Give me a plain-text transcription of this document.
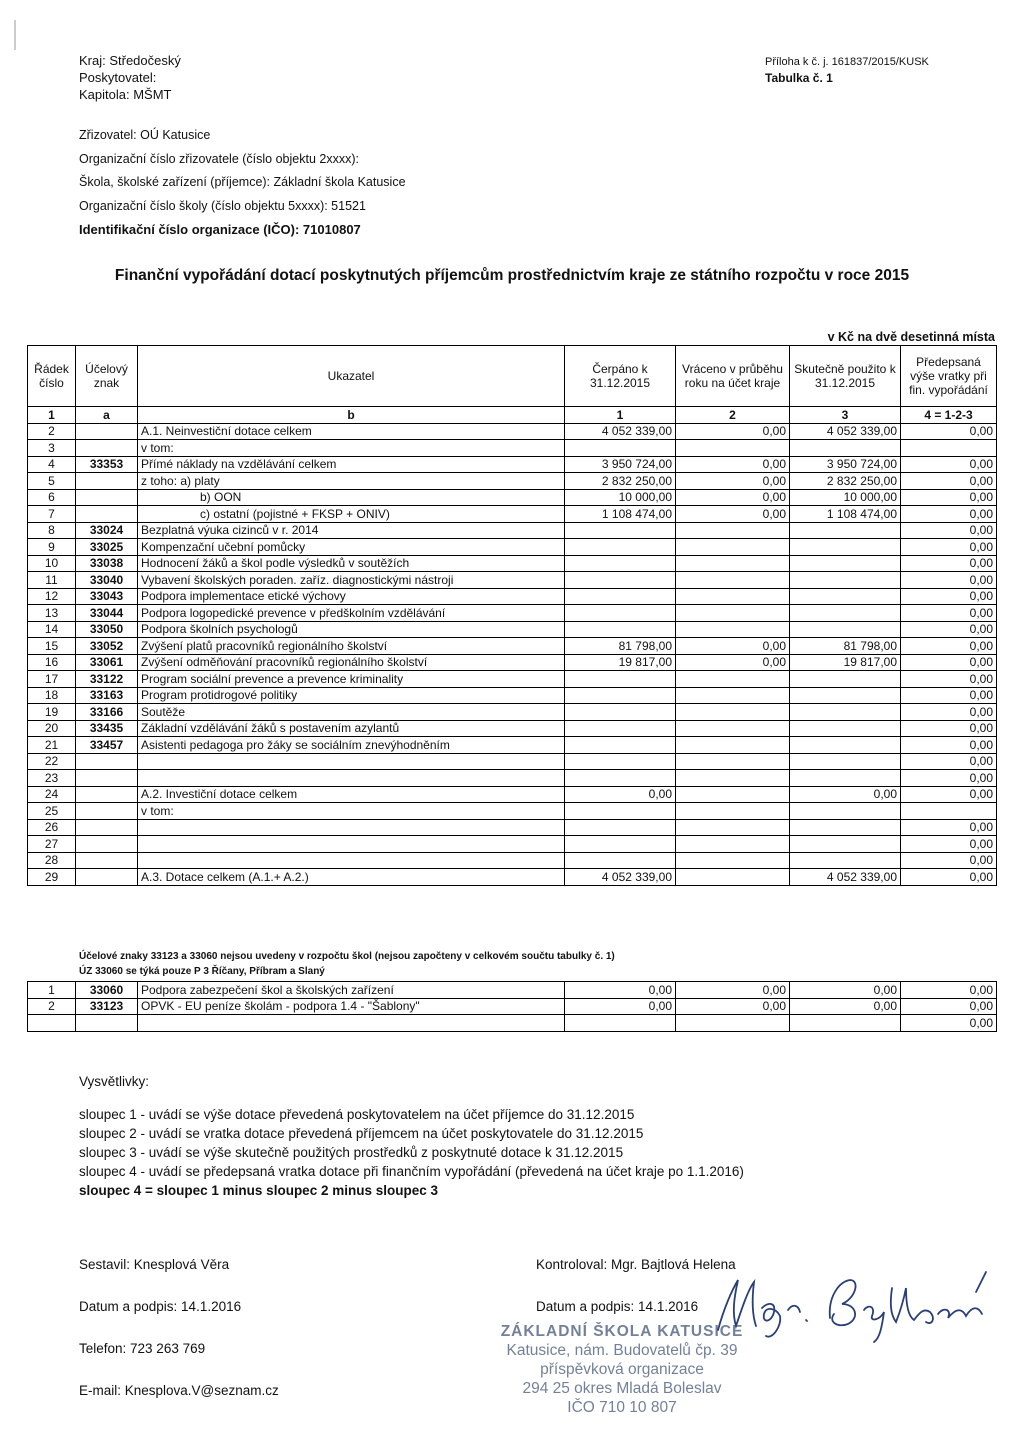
Kraj: Středočeský
Poskytovatel:
Kapitola: MŠMT
Příloha k č. j. 161837/2015/KUSK
Tabulka č. 1
Zřizovatel: OÚ Katusice
Organizační číslo zřizovatele (číslo objektu 2xxxx):
Škola, školské zařízení (příjemce): Základní škola Katusice
Organizační číslo školy (číslo objektu 5xxxx): 51521
Identifikační číslo organizace (IČO): 71010807
Finanční vypořádání dotací poskytnutých příjemcům prostřednictvím kraje ze státního rozpočtu v roce 2015
v Kč na dvě desetinná místa
Řádek číslo	Účelový znak	Ukazatel	Čerpáno k 31.12.2015	Vráceno v průběhu roku na účet kraje	Skutečně použito k 31.12.2015	Předepsaná výše vratky při fin. vypořádání
1	a	b	1	2	3	4 = 1-2-3
2		A.1. Neinvestiční dotace celkem	4 052 339,00	0,00	4 052 339,00	0,00
3		v tom:				
4	33353	Přímé náklady na vzdělávání celkem	3 950 724,00	0,00	3 950 724,00	0,00
5		z toho: a) platy	2 832 250,00	0,00	2 832 250,00	0,00
6		b) OON	10 000,00	0,00	10 000,00	0,00
7		c) ostatní (pojistné + FKSP + ONIV)	1 108 474,00	0,00	1 108 474,00	0,00
8	33024	Bezplatná výuka cizinců v r. 2014				0,00
9	33025	Kompenzační učební pomůcky				0,00
10	33038	Hodnocení žáků a škol podle výsledků v soutěžích				0,00
11	33040	Vybavení školských poraden. zaříz. diagnostickými nástroji				0,00
12	33043	Podpora implementace etické výchovy				0,00
13	33044	Podpora logopedické prevence v předškolním vzdělávání				0,00
14	33050	Podpora školních psychologů				0,00
15	33052	Zvýšení platů pracovníků regionálního školství	81 798,00	0,00	81 798,00	0,00
16	33061	Zvýšení odměňování pracovníků regionálního školství	19 817,00	0,00	19 817,00	0,00
17	33122	Program sociální prevence a prevence kriminality				0,00
18	33163	Program protidrogové politiky				0,00
19	33166	Soutěže				0,00
20	33435	Základní vzdělávání žáků s postavením azylantů				0,00
21	33457	Asistenti pedagoga pro žáky se sociálním znevýhodněním				0,00
22						0,00
23						0,00
24		A.2. Investiční dotace celkem	0,00		0,00	0,00
25		v tom:				
26						0,00
27						0,00
28						0,00
29		A.3. Dotace celkem (A.1.+ A.2.)	4 052 339,00		4 052 339,00	0,00
Účelové znaky 33123 a 33060 nejsou uvedeny v rozpočtu škol (nejsou započteny v celkovém součtu tabulky č. 1)
ÚZ 33060 se týká pouze P 3 Říčany, Příbram a Slaný
1	33060	Podpora zabezpečení škol a školských zařízení	0,00	0,00	0,00	0,00
2	33123	OPVK - EU peníze školám - podpora 1.4 - "Šablony"	0,00	0,00	0,00	0,00
						0,00
Vysvětlivky:
sloupec 1 - uvádí se výše dotace převedená poskytovatelem na účet příjemce do 31.12.2015
sloupec 2 - uvádí se vratka dotace převedená příjemcem na účet poskytovatele do 31.12.2015
sloupec 3 - uvádí se výše skutečně použitých prostředků z poskytnuté dotace k 31.12.2015
sloupec 4 - uvádí se předepsaná vratka dotace při finančním vypořádání (převedená na účet kraje po 1.1.2016)
sloupec 4 = sloupec 1 minus sloupec 2 minus sloupec 3
Sestavil: Knesplová Věra
Datum a podpis: 14.1.2016
Telefon: 723 263 769
E-mail: Knesplova.V@seznam.cz
Kontroloval: Mgr. Bajtlová Helena
Datum a podpis: 14.1.2016
ZÁKLADNÍ ŠKOLA KATUSICE
Katusice, nám. Budovatelů čp. 39
příspěvková organizace
294 25 okres Mladá Boleslav
IČO 710 10 807
